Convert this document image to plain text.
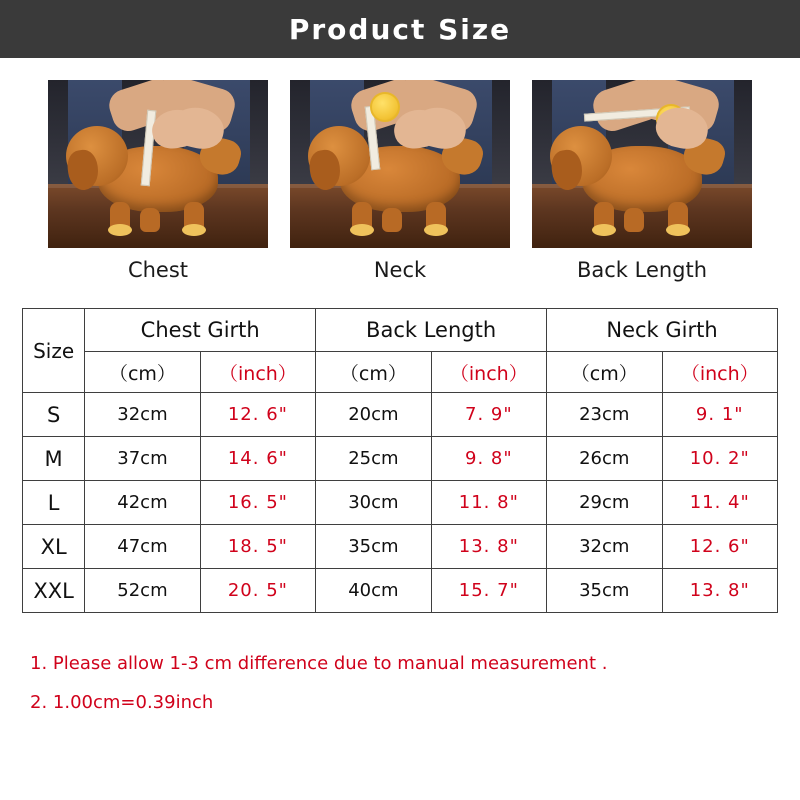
Product Size
Chest	Neck	Back Length
Size	Chest Girth		Back Length		Neck Girth	
	（cm）	（inch）	（cm）	（inch）	（cm）	（inch）
S	32cm	12. 6"	20cm	7. 9"	23cm	9. 1"
M	37cm	14. 6"	25cm	9. 8"	26cm	10. 2"
L	42cm	16. 5"	30cm	11. 8"	29cm	11. 4"
XL	47cm	18. 5"	35cm	13. 8"	32cm	12. 6"
XXL	52cm	20. 5"	40cm	15. 7"	35cm	13. 8"
1. Please allow 1-3 cm difference due to manual measurement .
2. 1.00cm=0.39inch
